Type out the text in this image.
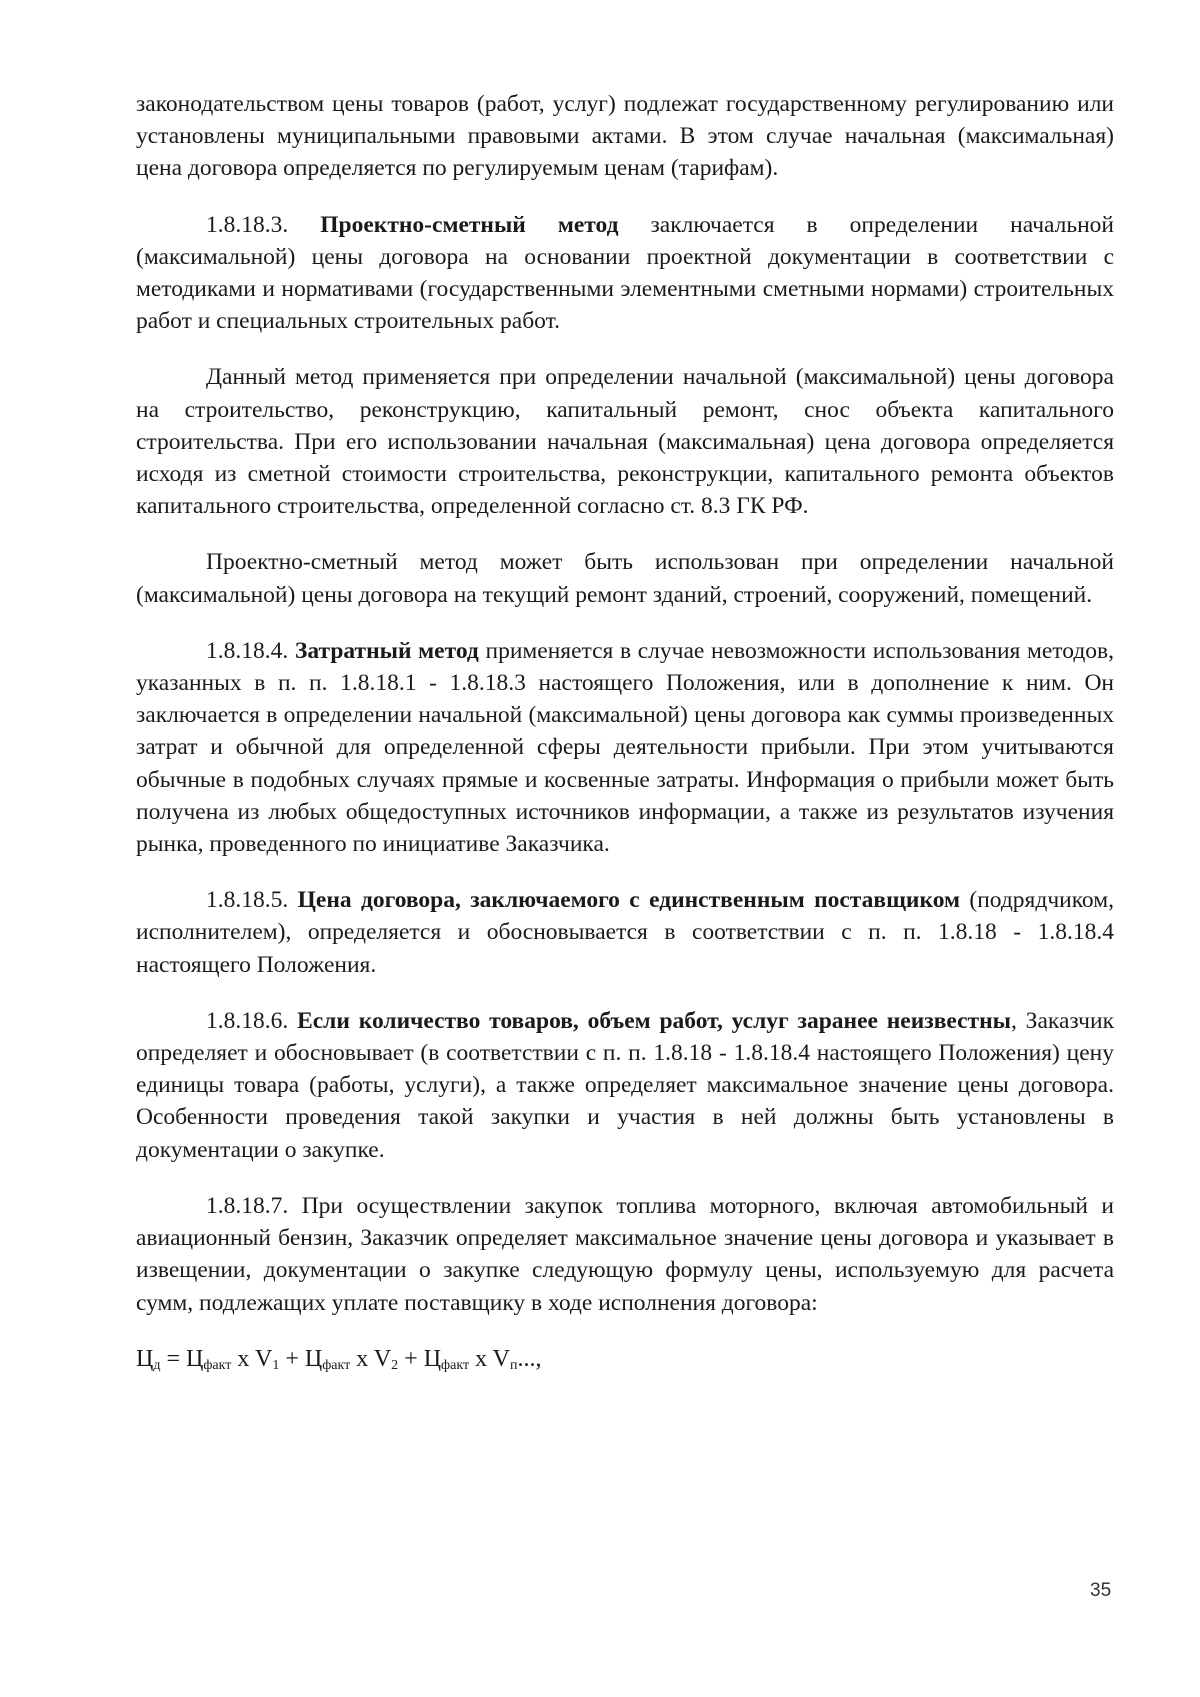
законодательством цены товаров (работ, услуг) подлежат государственному регулированию или установлены муниципальными правовыми актами. В этом случае начальная (максимальная) цена договора определяется по регулируемым ценам (тарифам).

1.8.18.3. Проектно-сметный метод заключается в определении начальной (максимальной) цены договора на основании проектной документации в соответствии с методиками и нормативами (государственными элементными сметными нормами) строительных работ и специальных строительных работ.

Данный метод применяется при определении начальной (максимальной) цены договора на строительство, реконструкцию, капитальный ремонт, снос объекта капитального строительства. При его использовании начальная (максимальная) цена договора определяется исходя из сметной стоимости строительства, реконструкции, капитального ремонта объектов капитального строительства, определенной согласно ст. 8.3 ГК РФ.

Проектно-сметный метод может быть использован при определении начальной (максимальной) цены договора на текущий ремонт зданий, строений, сооружений, помещений.

1.8.18.4. Затратный метод применяется в случае невозможности использования методов, указанных в п. п. 1.8.18.1 - 1.8.18.3 настоящего Положения, или в дополнение к ним. Он заключается в определении начальной (максимальной) цены договора как суммы произведенных затрат и обычной для определенной сферы деятельности прибыли. При этом учитываются обычные в подобных случаях прямые и косвенные затраты. Информация о прибыли может быть получена из любых общедоступных источников информации, а также из результатов изучения рынка, проведенного по инициативе Заказчика.

1.8.18.5. Цена договора, заключаемого с единственным поставщиком (подрядчиком, исполнителем), определяется и обосновывается в соответствии с п. п. 1.8.18 - 1.8.18.4 настоящего Положения.

1.8.18.6. Если количество товаров, объем работ, услуг заранее неизвестны, Заказчик определяет и обосновывает (в соответствии с п. п. 1.8.18 - 1.8.18.4 настоящего Положения) цену единицы товара (работы, услуги), а также определяет максимальное значение цены договора. Особенности проведения такой закупки и участия в ней должны быть установлены в документации о закупке.

1.8.18.7. При осуществлении закупок топлива моторного, включая автомобильный и авиационный бензин, Заказчик определяет максимальное значение цены договора и указывает в извещении, документации о закупке следующую формулу цены, используемую для расчета сумм, подлежащих уплате поставщику в ходе исполнения договора:

$Ц_д = Ц_{факт}$ x $V_1 + Ц_{факт}$ x $V_2 + Ц_{факт}$ x $V_п$...,
35
